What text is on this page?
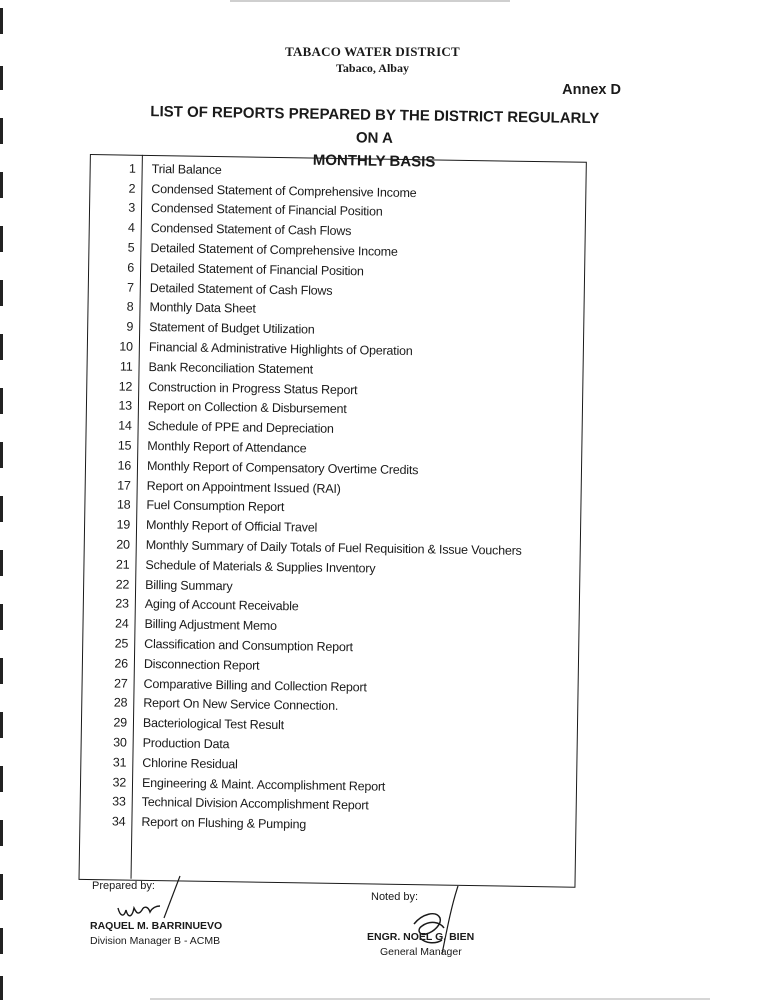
TABACO WATER DISTRICT
Tabaco, Albay
Annex D
LIST OF REPORTS PREPARED BY THE DISTRICT REGULARLY ON A
MONTHLY BASIS
1	Trial Balance
2	Condensed Statement of Comprehensive Income
3	Condensed Statement of Financial Position
4	Condensed Statement of Cash Flows
5	Detailed Statement of Comprehensive Income
6	Detailed Statement of Financial Position
7	Detailed Statement of Cash Flows
8	Monthly Data Sheet
9	Statement of Budget Utilization
10	Financial & Administrative Highlights of Operation
11	Bank Reconciliation Statement
12	Construction in Progress Status Report
13	Report on Collection & Disbursement
14	Schedule of PPE and Depreciation
15	Monthly Report of Attendance
16	Monthly Report of Compensatory Overtime Credits
17	Report on Appointment Issued (RAI)
18	Fuel Consumption Report
19	Monthly Report of Official Travel
20	Monthly Summary of Daily Totals of Fuel Requisition & Issue Vouchers
21	Schedule of Materials & Supplies Inventory
22	Billing Summary
23	Aging of Account Receivable
24	Billing Adjustment Memo
25	Classification and Consumption Report
26	Disconnection Report
27	Comparative Billing and Collection Report
28	Report On New Service Connection.
29	Bacteriological Test Result
30	Production Data
31	Chlorine Residual
32	Engineering & Maint. Accomplishment Report
33	Technical Division Accomplishment Report
34	Report on Flushing & Pumping
Prepared by:
RAQUEL M. BARRINUEVO
Division Manager B - ACMB
Noted by:
ENGR. NOEL G. BIEN
General Manager
